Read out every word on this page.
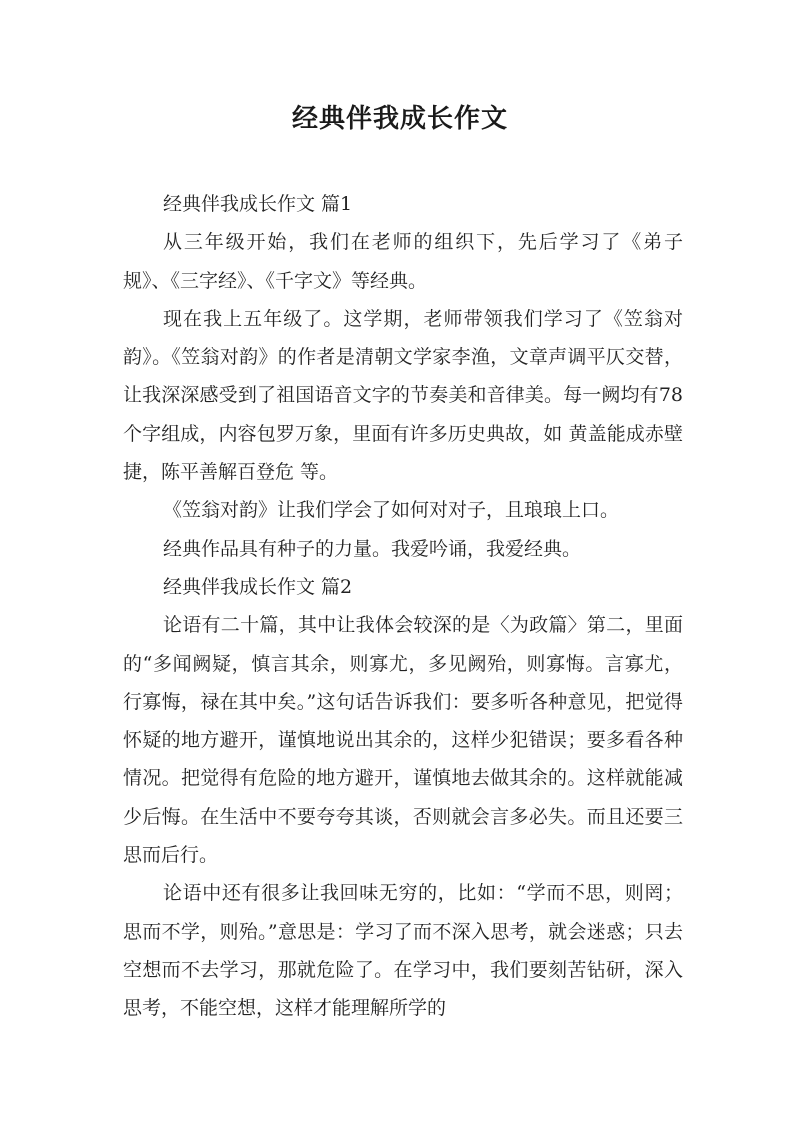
经典伴我成长作文

经典伴我成长作文 篇1

从三年级开始，我们在老师的组织下，先后学习了《弟子规》、《三字经》、《千字文》等经典。

现在我上五年级了。这学期，老师带领我们学习了《笠翁对韵》。《笠翁对韵》的作者是清朝文学家李渔，文章声调平仄交替，让我深深感受到了祖国语音文字的节奏美和音律美。每一阙均有78个字组成，内容包罗万象，里面有许多历史典故，如 黄盖能成赤壁捷，陈平善解百登危 等。

《笠翁对韵》让我们学会了如何对对子，且琅琅上口。

经典作品具有种子的力量。我爱吟诵，我爱经典。

经典伴我成长作文 篇2

论语有二十篇，其中让我体会较深的是〈为政篇〉第二，里面的“多闻阙疑，慎言其余，则寡尤，多见阙殆，则寡悔。言寡尤，行寡悔，禄在其中矣。”这句话告诉我们：要多听各种意见，把觉得怀疑的地方避开，谨慎地说出其余的，这样少犯错误；要多看各种情况。把觉得有危险的地方避开，谨慎地去做其余的。这样就能减少后悔。在生活中不要夸夸其谈，否则就会言多必失。而且还要三思而后行。

论语中还有很多让我回味无穷的，比如：“学而不思，则罔；思而不学，则殆。”意思是：学习了而不深入思考，就会迷惑；只去空想而不去学习，那就危险了。在学习中，我们要刻苦钻研，深入思考，不能空想，这样才能理解所学的
